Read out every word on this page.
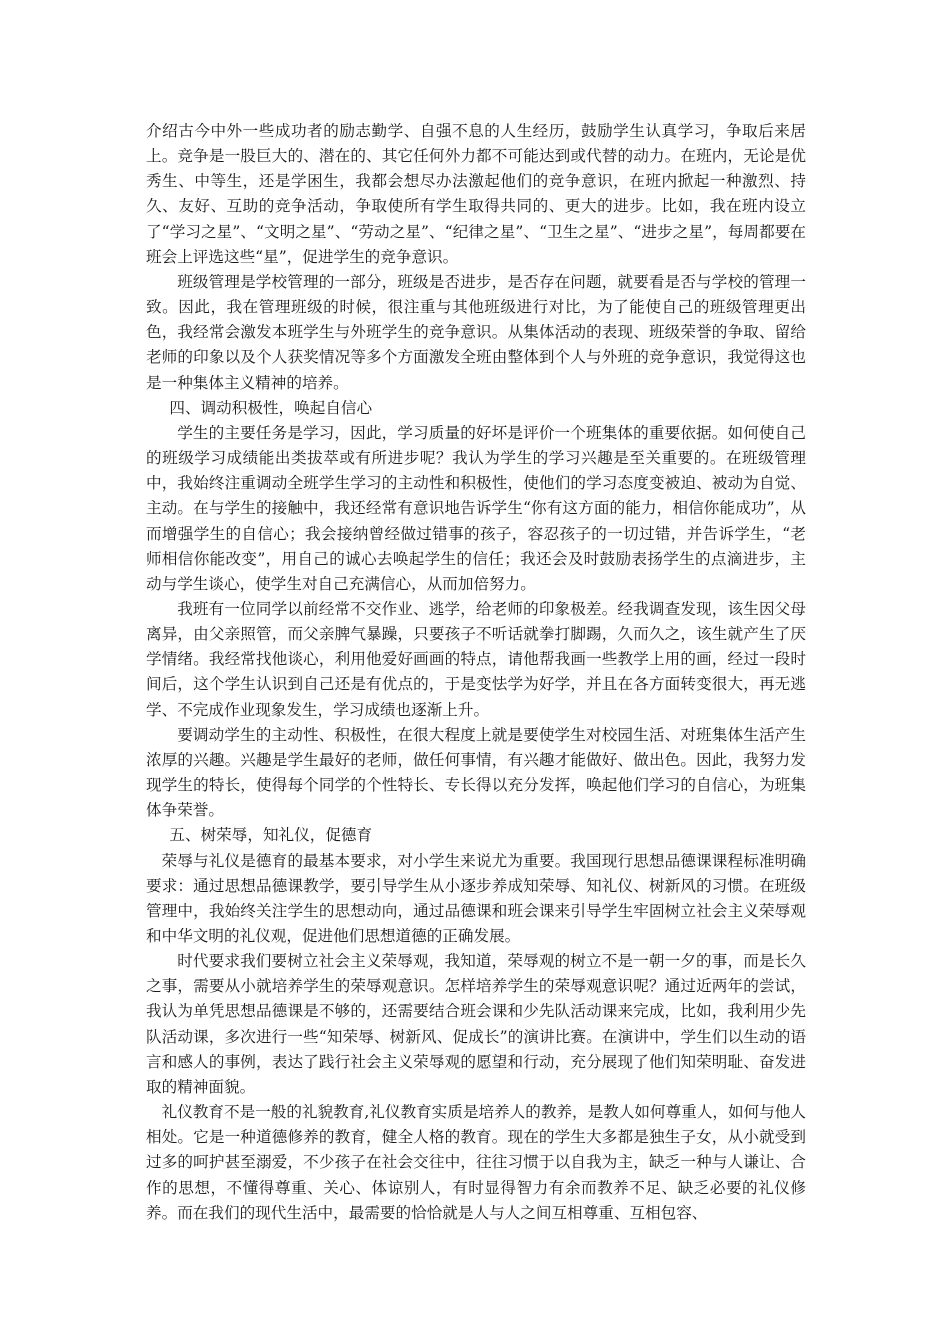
介绍古今中外一些成功者的励志勤学、自强不息的人生经历，鼓励学生认真学习，争取后来居上。竞争是一股巨大的、潜在的、其它任何外力都不可能达到或代替的动力。在班内，无论是优秀生、中等生，还是学困生，我都会想尽办法激起他们的竞争意识，在班内掀起一种激烈、持久、友好、互助的竞争活动，争取使所有学生取得共同的、更大的进步。比如，我在班内设立了“学习之星”、“文明之星”、“劳动之星”、“纪律之星”、“卫生之星”、“进步之星”，每周都要在班会上评选这些“星”，促进学生的竞争意识。

班级管理是学校管理的一部分，班级是否进步，是否存在问题，就要看是否与学校的管理一致。因此，我在管理班级的时候，很注重与其他班级进行对比，为了能使自己的班级管理更出色，我经常会激发本班学生与外班学生的竞争意识。从集体活动的表现、班级荣誉的争取、留给老师的印象以及个人获奖情况等多个方面激发全班由整体到个人与外班的竞争意识，我觉得这也是一种集体主义精神的培养。

四、调动积极性，唤起自信心

学生的主要任务是学习，因此，学习质量的好坏是评价一个班集体的重要依据。如何使自己的班级学习成绩能出类拔萃或有所进步呢？我认为学生的学习兴趣是至关重要的。在班级管理中，我始终注重调动全班学生学习的主动性和积极性，使他们的学习态度变被迫、被动为自觉、主动。在与学生的接触中，我还经常有意识地告诉学生“你有这方面的能力，相信你能成功”，从而增强学生的自信心；我会接纳曾经做过错事的孩子，容忍孩子的一切过错，并告诉学生，“老师相信你能改变”，用自己的诚心去唤起学生的信任；我还会及时鼓励表扬学生的点滴进步，主动与学生谈心，使学生对自己充满信心，从而加倍努力。

我班有一位同学以前经常不交作业、逃学，给老师的印象极差。经我调查发现，该生因父母离异，由父亲照管，而父亲脾气暴躁，只要孩子不听话就拳打脚踢，久而久之，该生就产生了厌学情绪。我经常找他谈心，利用他爱好画画的特点，请他帮我画一些教学上用的画，经过一段时间后，这个学生认识到自己还是有优点的，于是变怯学为好学，并且在各方面转变很大，再无逃学、不完成作业现象发生，学习成绩也逐渐上升。

要调动学生的主动性、积极性，在很大程度上就是要使学生对校园生活、对班集体生活产生浓厚的兴趣。兴趣是学生最好的老师，做任何事情，有兴趣才能做好、做出色。因此，我努力发现学生的特长，使得每个同学的个性特长、专长得以充分发挥，唤起他们学习的自信心，为班集体争荣誉。

五、树荣辱，知礼仪，促德育

荣辱与礼仪是德育的最基本要求，对小学生来说尤为重要。我国现行思想品德课课程标准明确要求：通过思想品德课教学，要引导学生从小逐步养成知荣辱、知礼仪、树新风的习惯。在班级管理中，我始终关注学生的思想动向，通过品德课和班会课来引导学生牢固树立社会主义荣辱观和中华文明的礼仪观，促进他们思想道德的正确发展。

时代要求我们要树立社会主义荣辱观，我知道，荣辱观的树立不是一朝一夕的事，而是长久之事，需要从小就培养学生的荣辱观意识。怎样培养学生的荣辱观意识呢？通过近两年的尝试，我认为单凭思想品德课是不够的，还需要结合班会课和少先队活动课来完成，比如，我利用少先队活动课，多次进行一些“知荣辱、树新风、促成长”的演讲比赛。在演讲中，学生们以生动的语言和感人的事例，表达了践行社会主义荣辱观的愿望和行动，充分展现了他们知荣明耻、奋发进取的精神面貌。

礼仪教育不是一般的礼貌教育,礼仪教育实质是培养人的教养，是教人如何尊重人，如何与他人相处。它是一种道德修养的教育，健全人格的教育。现在的学生大多都是独生子女，从小就受到过多的呵护甚至溺爱，不少孩子在社会交往中，往往习惯于以自我为主，缺乏一种与人谦让、合作的思想，不懂得尊重、关心、体谅别人，有时显得智力有余而教养不足、缺乏必要的礼仪修养。而在我们的现代生活中，最需要的恰恰就是人与人之间互相尊重、互相包容、
